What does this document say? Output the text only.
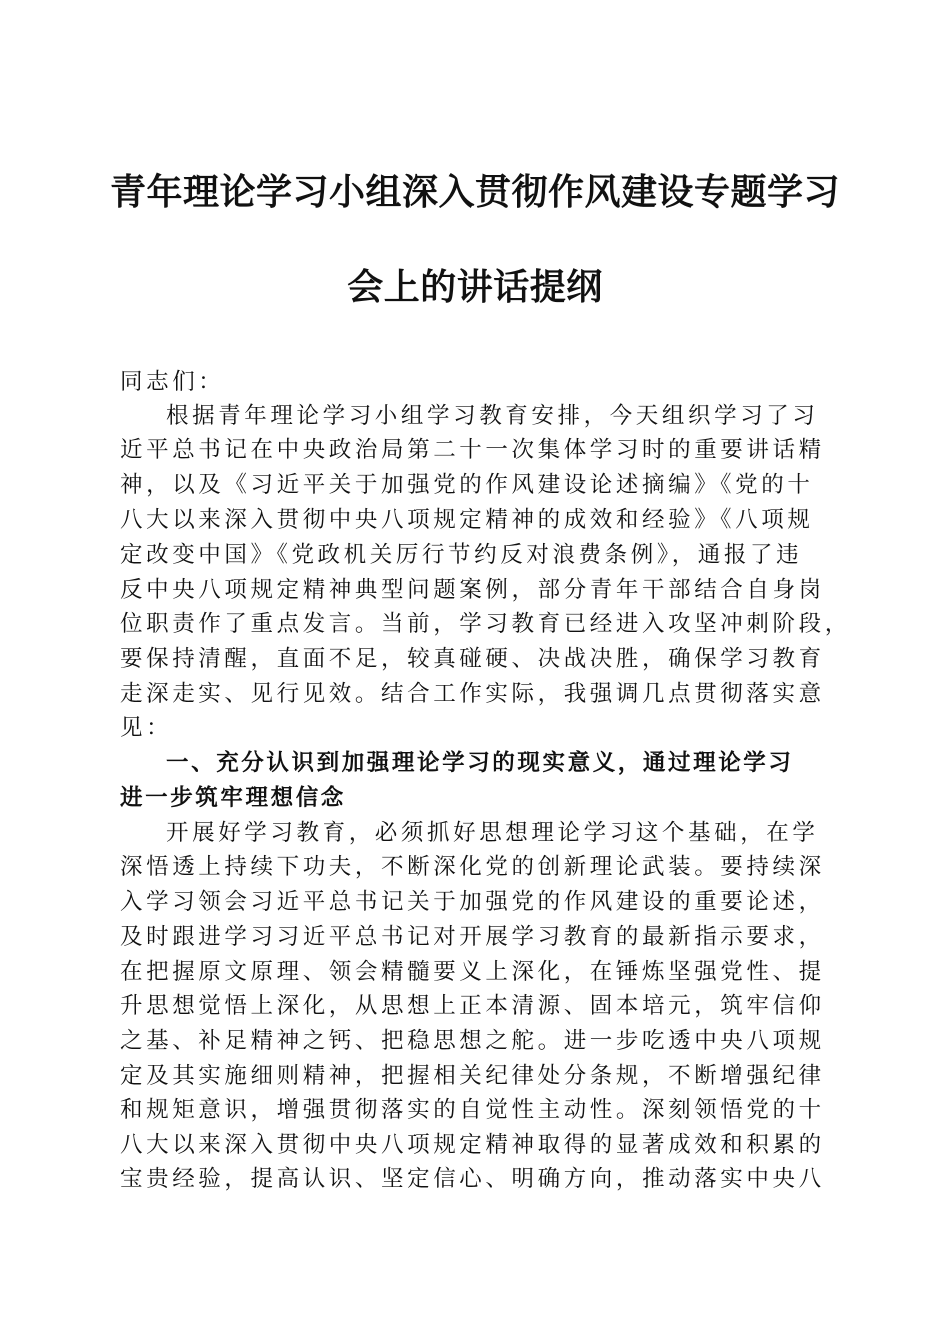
青年理论学习小组深入贯彻作风建设专题学习
会上的讲话提纲
同志们：
根据青年理论学习小组学习教育安排，今天组织学习了习
近平总书记在中央政治局第二十一次集体学习时的重要讲话精
神，以及《习近平关于加强党的作风建设论述摘编》《党的十
八大以来深入贯彻中央八项规定精神的成效和经验》《八项规
定改变中国》《党政机关厉行节约反对浪费条例》，通报了违
反中央八项规定精神典型问题案例，部分青年干部结合自身岗
位职责作了重点发言。当前，学习教育已经进入攻坚冲刺阶段，
要保持清醒，直面不足，较真碰硬、决战决胜，确保学习教育
走深走实、见行见效。结合工作实际，我强调几点贯彻落实意
见：
一、充分认识到加强理论学习的现实意义，通过理论学习
进一步筑牢理想信念
开展好学习教育，必须抓好思想理论学习这个基础，在学
深悟透上持续下功夫，不断深化党的创新理论武装。要持续深
入学习领会习近平总书记关于加强党的作风建设的重要论述，
及时跟进学习习近平总书记对开展学习教育的最新指示要求，
在把握原文原理、领会精髓要义上深化，在锤炼坚强党性、提
升思想觉悟上深化，从思想上正本清源、固本培元，筑牢信仰
之基、补足精神之钙、把稳思想之舵。进一步吃透中央八项规
定及其实施细则精神，把握相关纪律处分条规，不断增强纪律
和规矩意识，增强贯彻落实的自觉性主动性。深刻领悟党的十
八大以来深入贯彻中央八项规定精神取得的显著成效和积累的
宝贵经验，提高认识、坚定信心、明确方向，推动落实中央八
